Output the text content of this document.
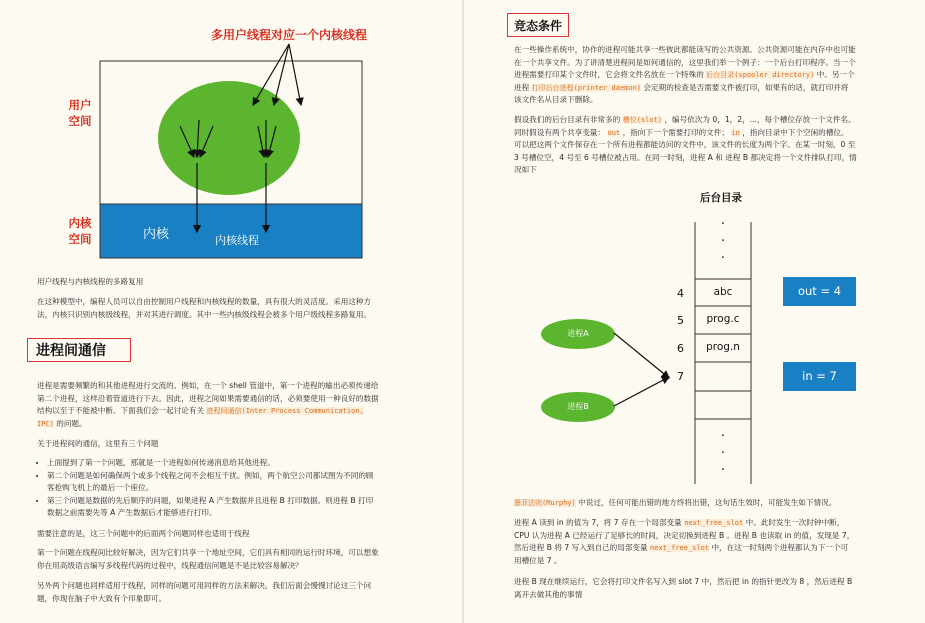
多用户线程对应一个内核线程
用户
空间
内核
空间	内核	内核线程
用户线程与内核线程的多路复用
在这种模型中，编程人员可以自由控制用户线程和内核线程的数量，具有很大的灵活度。采用这种方
法，内核只识别内核级线程，并对其进行调度。其中一些内核级线程会被多个用户级线程多路复用。
进程间通信
进程是需要频繁的和其他进程进行交流的。例如，在一个 shell 管道中，第一个进程的输出必须传递给
第二个进程，这样沿着管道进行下去。因此，进程之间如果需要通信的话，必须要使用一种良好的数据
结构以至于不能被中断。下面我们会一起讨论有关 进程间通信(Inter Process Communication,
IPC) 的问题。
关于进程间的通信，这里有三个问题
• 上面提到了第一个问题，那就是一个进程如何传递消息给其他进程。
• 第二个问题是如何确保两个或多个线程之间不会相互干扰。例如，两个航空公司都试图为不同的顾
客抢购飞机上的最后一个座位。
• 第三个问题是数据的先后顺序的问题，如果进程 A 产生数据并且进程 B 打印数据。则进程 B 打印
数据之前需要先等 A 产生数据后才能够进行打印。
需要注意的是，这三个问题中的后面两个问题同样也适用于线程
第一个问题在线程间比较好解决，因为它们共享一个地址空间，它们具有相同的运行时环境，可以想象
你在用高级语言编写多线程代码的过程中，线程通信问题是不是比较容易解决？
另外两个问题也同样适用于线程，同样的问题可用同样的方法来解决。我们后面会慢慢讨论这三个问
题，你现在脑子中大致有个印象即可。
竞态条件
在一些操作系统中，协作的进程可能共享一些彼此都能读写的公共资源。公共资源可能在内存中也可能
在一个共享文件。为了讲清楚进程间是如何通信的，这里我们举一个例子：一个后台打印程序。当一个
进程需要打印某个文件时，它会将文件名放在一个特殊的 后台目录(spooler directory) 中。另一个
进程 打印后台进程(printer daemon) 会定期的检查是否需要文件被打印，如果有的话，就打印并将
该文件名从目录下删除。
假设我们的后台目录有非常多的 槽位(slot) ，编号依次为 0，1，2，...，每个槽位存放一个文件名。
同时假设有两个共享变量： out ，指向下一个需要打印的文件； in ，指向目录中下个空闲的槽位。
可以把这两个文件保存在一个所有进程都能访问的文件中，该文件的长度为两个字。在某一时刻，0 至
3 号槽位空，4 号至 6 号槽位被占用。在同一时刻，进程 A 和 进程 B 都决定将一个文件排队打印，情
况如下
后台目录
·
·
·
·
·
·
4
5
6
7
abc
prog.c
prog.n
out = 4
in = 7
进程A
进程B
墨菲法则(Murphy) 中说过，任何可能出错的地方终将出错，这句话生效时，可能发生如下情况。
进程 A 读到 in 的值为 7，将 7 存在一个局部变量 next_free_slot 中。此时发生一次时钟中断，
CPU 认为进程 A 已经运行了足够长的时间，决定切换到进程 B 。进程 B 也读取 in 的值，发现是 7，
然后进程 B 将 7 写入到自己的局部变量 next_free_slot 中，在这一时刻两个进程都认为下一个可
用槽位是 7 。
进程 B 现在继续运行，它会将打印文件名写入到 slot 7 中，然后把 in 的指针更改为 8 ，然后进程 B
离开去做其他的事情
